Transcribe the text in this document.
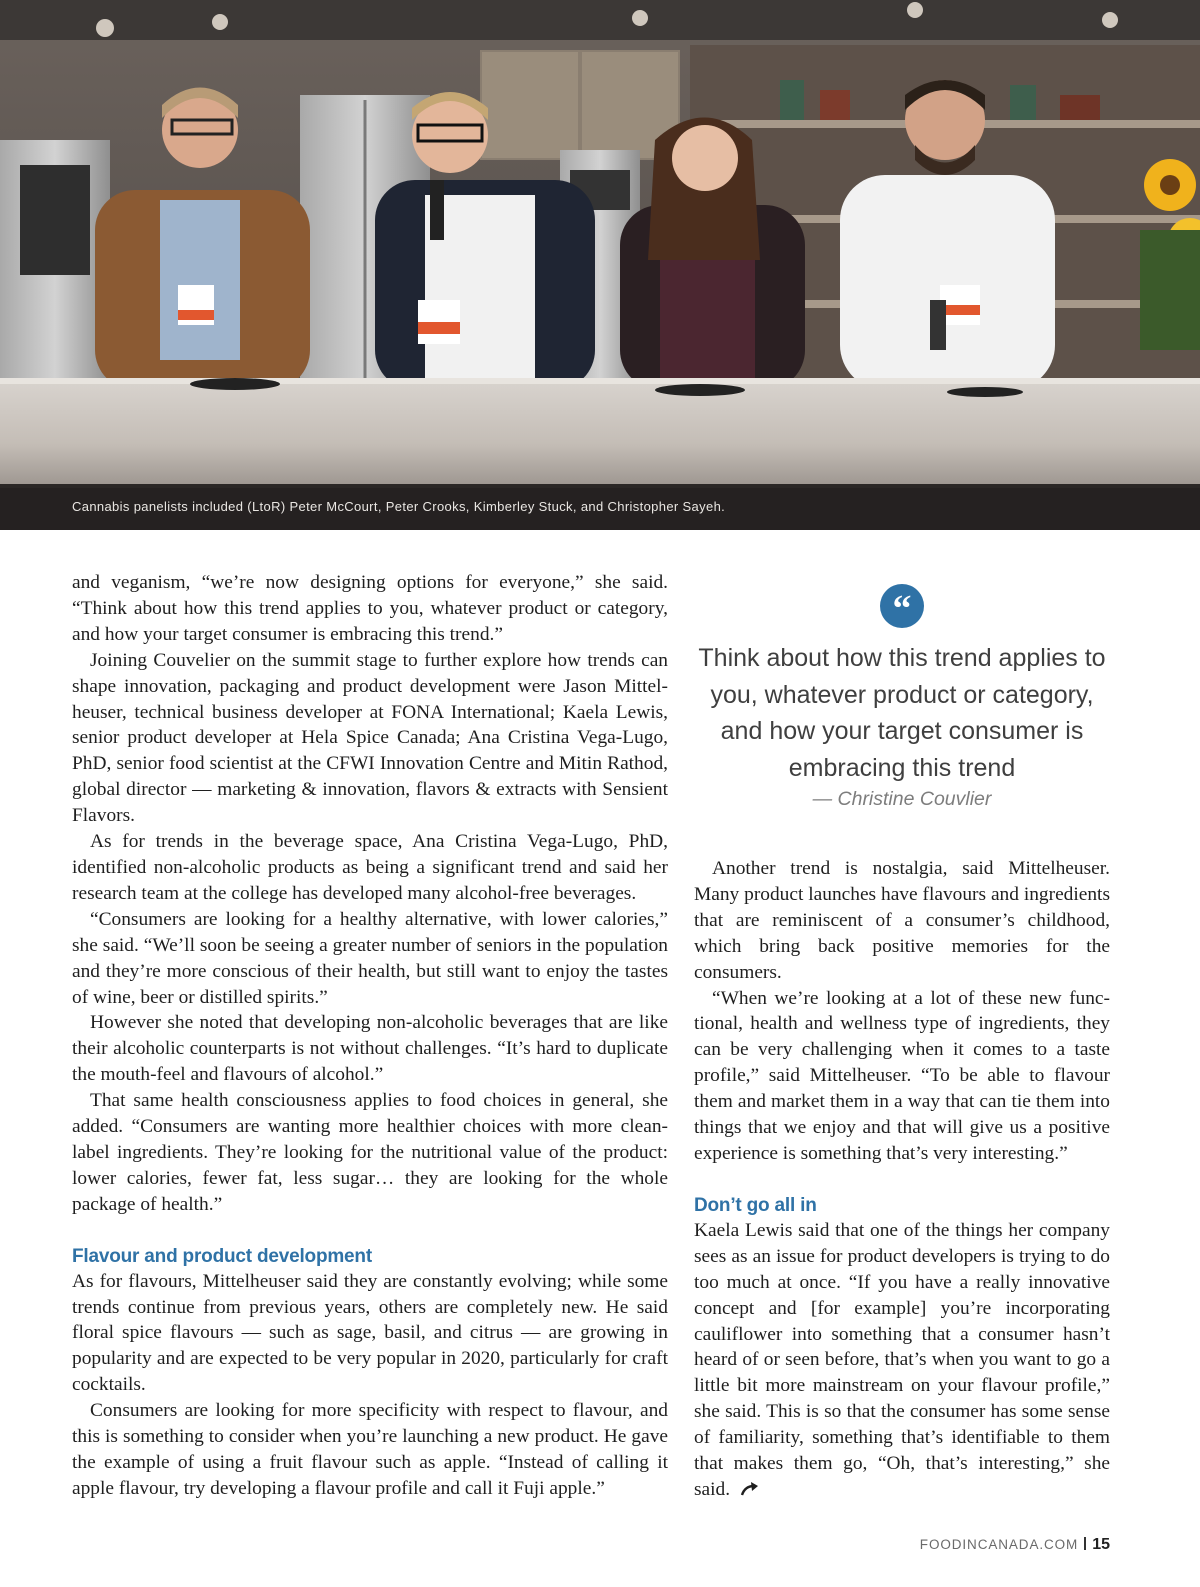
Cannabis panelists included (LtoR) Peter McCourt, Peter Crooks, Kimberley Stuck, and Christopher Sayeh.

and veganism, “we’re now designing options for everyone,” she said. “Think about how this trend applies to you, whatever product or category, and how your target consumer is embracing this trend.”

Joining Couvelier on the summit stage to further explore how trends can shape innovation, packaging and product development were Jason Mittelheuser, technical business developer at FONA International; Kaela Lewis, senior product developer at Hela Spice Canada; Ana Cristina Vega-Lugo, PhD, senior food scientist at the CFWI Innovation Centre and Mitin Rathod, global director — marketing & innovation, flavors & extracts with Sensient Flavors.

As for trends in the beverage space, Ana Cristina Vega-Lugo, PhD, identified non-alcoholic products as being a significant trend and said her research team at the college has developed many alcohol-free beverages.

“Consumers are looking for a healthy alternative, with lower calories,” she said. “We’ll soon be seeing a greater number of seniors in the population and they’re more conscious of their health, but still want to enjoy the tastes of wine, beer or distilled spirits.”

However she noted that developing non-alcoholic beverages that are like their alcoholic counterparts is not without challenges. “It’s hard to duplicate the mouth-feel and flavours of alcohol.”

That same health consciousness applies to food choices in general, she added. “Consumers are wanting more healthier choices with more clean-label ingredients. They’re looking for the nutritional value of the product: lower calories, fewer fat, less sugar… they are looking for the whole package of health.”

Flavour and product development

As for flavours, Mittelheuser said they are constantly evolving; while some trends continue from previous years, others are completely new. He said floral spice flavours — such as sage, basil, and citrus — are growing in popularity and are expected to be very popular in 2020, particularly for craft cocktails.

Consumers are looking for more specificity with respect to flavour, and this is something to consider when you’re launching a new product. He gave the example of using a fruit flavour such as apple. “Instead of calling it apple flavour, try developing a flavour profile and call it Fuji apple.”

“
Think about how this trend applies to you, whatever product or category, and how your target consumer is embracing this trend
— Christine Couvlier

Another trend is nostalgia, said Mittelheuser. Many product launches have flavours and ingredients that are reminiscent of a consumer’s childhood, which bring back positive memories for the consumers.

“When we’re looking at a lot of these new functional, health and wellness type of ingredients, they can be very challenging when it comes to a taste profile,” said Mittelheuser. “To be able to flavour them and market them in a way that can tie them into things that we enjoy and that will give us a positive experience is something that’s very interesting.”

Don’t go all in

Kaela Lewis said that one of the things her company sees as an issue for product developers is trying to do too much at once. “If you have a really innovative concept and [for example] you’re incorporating cauliflower into something that a consumer hasn’t heard of or seen before, that’s when you want to go a little bit more mainstream on your flavour profile,” she said. This is so that the consumer has some sense of familiarity, something that’s identifiable to them that makes them go, “Oh, that’s interesting,” she said.

FOODINCANADA.COM 15
